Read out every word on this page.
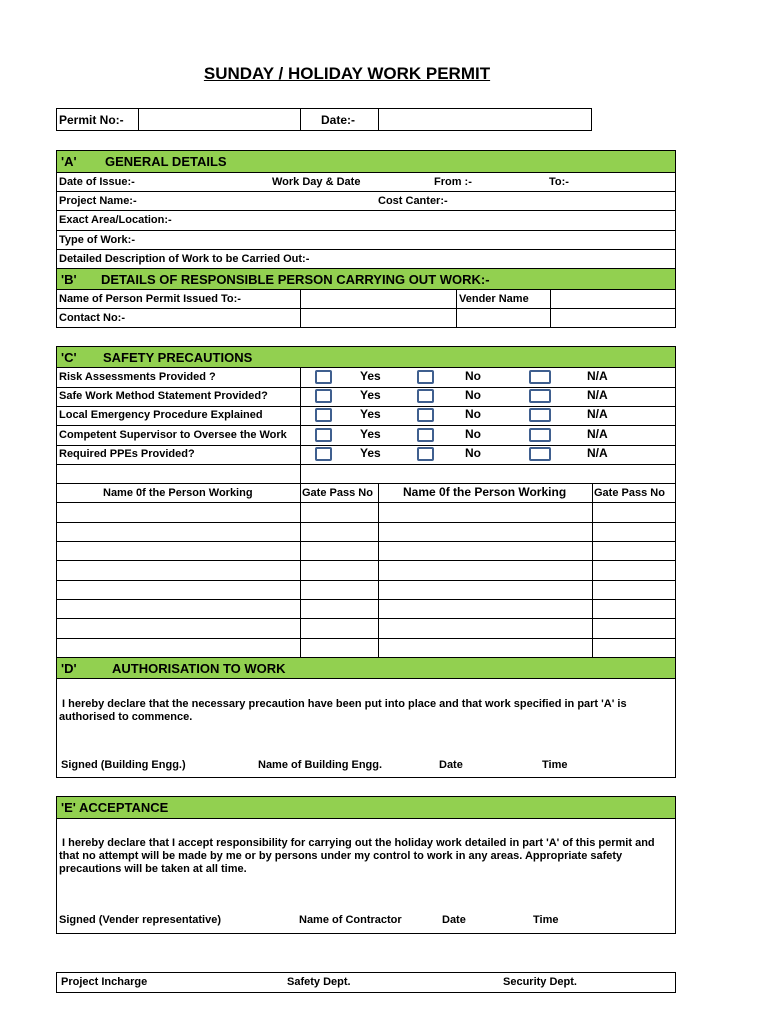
SUNDAY / HOLIDAY WORK PERMIT
Permit No:-	Date:-
'A' GENERAL DETAILS
Date of Issue:-	Work Day & Date	From :-	To:-
Project Name:-	Cost Canter:-
Exact Area/Location:-
Type of Work:-
Detailed Description of Work to be Carried Out:-
'B' DETAILS OF RESPONSIBLE PERSON CARRYING OUT WORK:-
Name of Person Permit Issued To:-	Vender Name
Contact No:-
'C' SAFETY PRECAUTIONS
Risk Assessments Provided ?	Yes	No	N/A
Safe Work Method Statement Provided?	Yes	No	N/A
Local Emergency Procedure Explained	Yes	No	N/A
Competent Supervisor to Oversee the Work	Yes	No	N/A
Required PPEs Provided?	Yes	No	N/A
Name 0f the Person Working	Gate Pass No	Name 0f the Person Working	Gate Pass No
'D'	AUTHORISATION TO WORK
I hereby declare that the necessary precaution have been put into place and that work specified in part 'A' is authorised to commence.
Signed (Building Engg.)	Name of Building Engg.	Date	Time
'E' ACCEPTANCE
I hereby declare that I accept responsibility for carrying out the holiday work detailed in part 'A' of this permit and that no attempt will be made by me or by persons under my control to work in any areas. Appropriate safety precautions will be taken at all time.
Signed (Vender representative)	Name of Contractor	Date	Time
Project Incharge	Safety Dept.	Security Dept.
